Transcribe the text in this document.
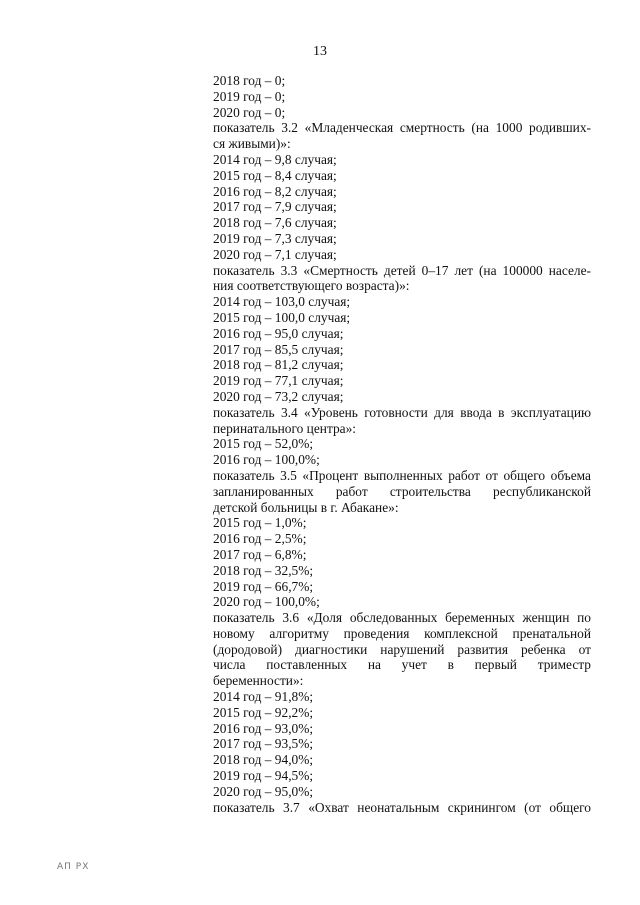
13
2018 год – 0;
2019 год – 0;
2020 год – 0;
показатель 3.2 «Младенческая смертность (на 1000 родивших-
ся живыми)»:
2014 год – 9,8 случая;
2015 год – 8,4 случая;
2016 год – 8,2 случая;
2017 год – 7,9 случая;
2018 год – 7,6 случая;
2019 год – 7,3 случая;
2020 год – 7,1 случая;
показатель 3.3 «Смертность детей 0–17 лет (на 100000 населе-
ния соответствующего возраста)»:
2014 год – 103,0 случая;
2015 год – 100,0 случая;
2016 год – 95,0 случая;
2017 год – 85,5 случая;
2018 год – 81,2 случая;
2019 год – 77,1 случая;
2020 год – 73,2 случая;
показатель 3.4 «Уровень готовности для ввода в эксплуатацию
перинатального центра»:
2015 год – 52,0%;
2016 год – 100,0%;
показатель 3.5 «Процент выполненных работ от общего объема
запланированных работ строительства республиканской
детской больницы в г. Абакане»:
2015 год – 1,0%;
2016 год – 2,5%;
2017 год – 6,8%;
2018 год – 32,5%;
2019 год – 66,7%;
2020 год – 100,0%;
показатель 3.6 «Доля обследованных беременных женщин по
новому алгоритму проведения комплексной пренатальной
(дородовой) диагностики нарушений развития ребенка от
числа поставленных на учет в первый триместр
беременности»:
2014 год – 91,8%;
2015 год – 92,2%;
2016 год – 93,0%;
2017 год – 93,5%;
2018 год – 94,0%;
2019 год – 94,5%;
2020 год – 95,0%;
показатель 3.7 «Охват неонатальным скринингом (от общего
АП РХ
